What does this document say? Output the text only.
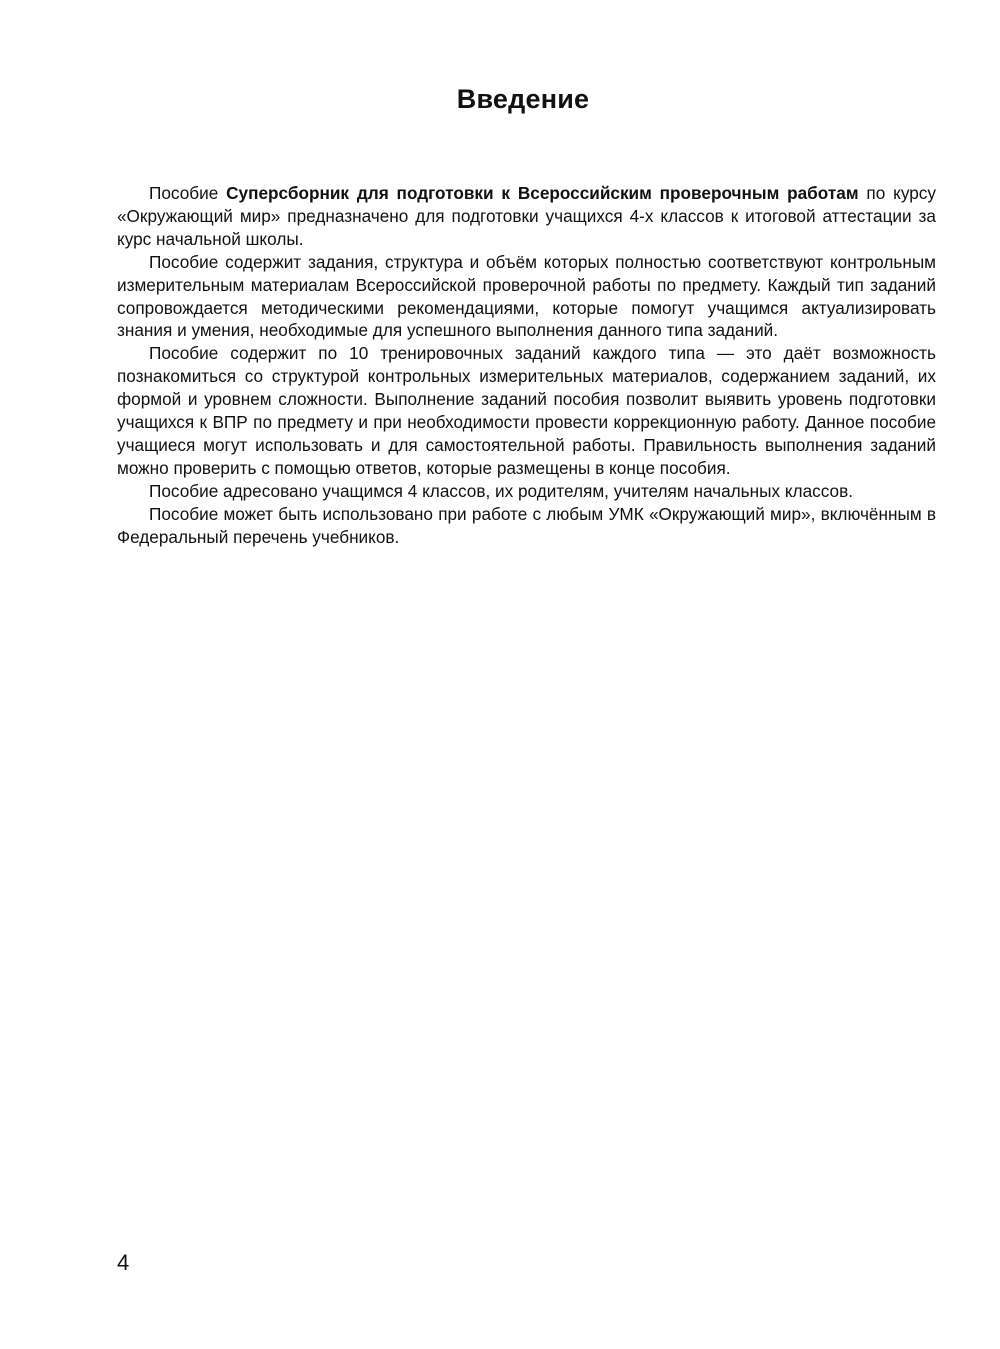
Введение

Пособие Суперсборник для подготовки к Всероссийским проверочным работам по курсу «Окружающий мир» предназначено для подготовки учащихся 4-х классов к итоговой аттестации за курс начальной школы.

Пособие содержит задания, структура и объём которых полностью соответствуют контрольным измерительным материалам Всероссийской проверочной работы по предмету. Каждый тип заданий сопровождается методическими рекомендациями, которые помогут учащимся актуализировать знания и умения, необходимые для успешного выполнения данного типа заданий.

Пособие содержит по 10 тренировочных заданий каждого типа — это даёт возможность познакомиться со структурой контрольных измерительных материалов, содержанием заданий, их формой и уровнем сложности. Выполнение заданий пособия позволит выявить уровень подготовки учащихся к ВПР по предмету и при необходимости провести коррекционную работу. Данное пособие учащиеся могут использовать и для самостоятельной работы. Правильность выполнения заданий можно проверить с помощью ответов, которые размещены в конце пособия.

Пособие адресовано учащимся 4 классов, их родителям, учителям начальных классов.

Пособие может быть использовано при работе с любым УМК «Окружающий мир», включённым в Федеральный перечень учебников.

4
